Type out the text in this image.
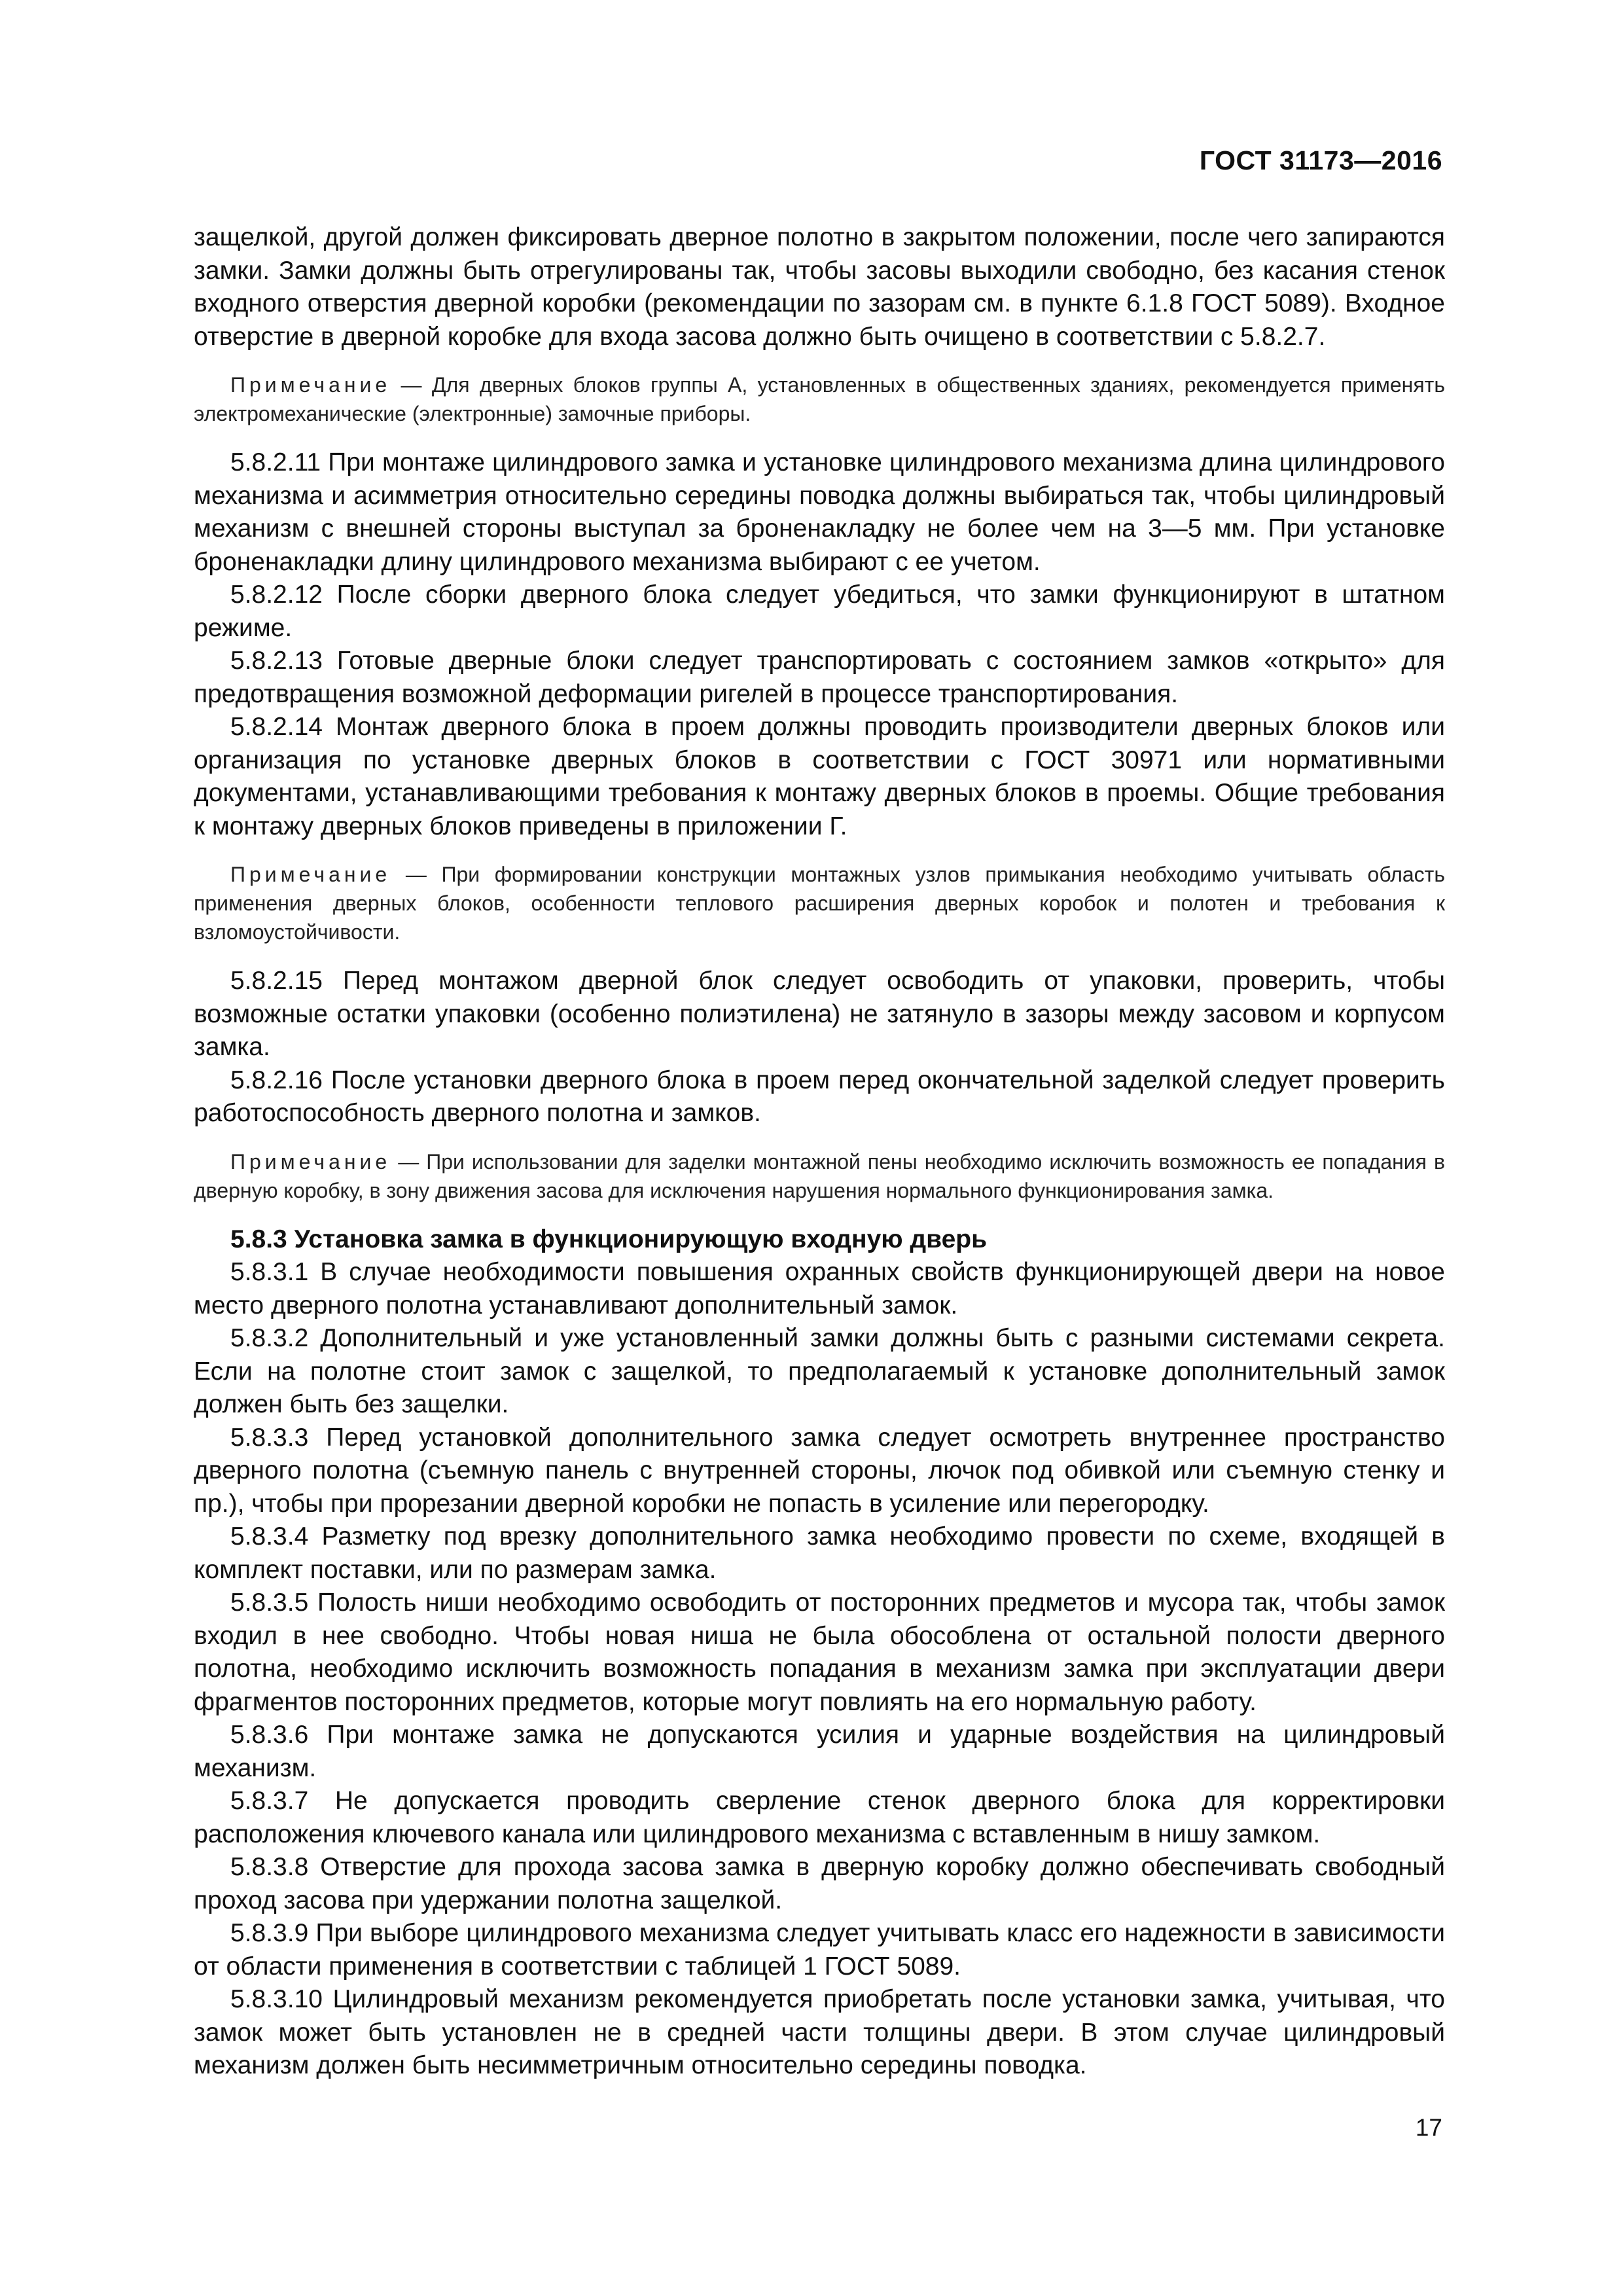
ГОСТ 31173—2016

защелкой, другой должен фиксировать дверное полотно в закрытом положении, после чего запираются замки. Замки должны быть отрегулированы так, чтобы засовы выходили свободно, без касания стенок входного отверстия дверной коробки (рекомендации по зазорам см. в пункте 6.1.8 ГОСТ 5089). Входное отверстие в дверной коробке для входа засова должно быть очищено в соответствии с 5.8.2.7.

Примечание — Для дверных блоков группы А, установленных в общественных зданиях, рекомендуется применять электромеханические (электронные) замочные приборы.

5.8.2.11 При монтаже цилиндрового замка и установке цилиндрового механизма длина цилиндрового механизма и асимметрия относительно середины поводка должны выбираться так, чтобы цилиндровый механизм с внешней стороны выступал за броненакладку не более чем на 3—5 мм. При установке броненакладки длину цилиндрового механизма выбирают с ее учетом.

5.8.2.12 После сборки дверного блока следует убедиться, что замки функционируют в штатном режиме.

5.8.2.13 Готовые дверные блоки следует транспортировать с состоянием замков «открыто» для предотвращения возможной деформации ригелей в процессе транспортирования.

5.8.2.14 Монтаж дверного блока в проем должны проводить производители дверных блоков или организация по установке дверных блоков в соответствии с ГОСТ 30971 или нормативными документами, устанавливающими требования к монтажу дверных блоков в проемы. Общие требования к монтажу дверных блоков приведены в приложении Г.

Примечание — При формировании конструкции монтажных узлов примыкания необходимо учитывать область применения дверных блоков, особенности теплового расширения дверных коробок и полотен и требования к взломоустойчивости.

5.8.2.15 Перед монтажом дверной блок следует освободить от упаковки, проверить, чтобы возможные остатки упаковки (особенно полиэтилена) не затянуло в зазоры между засовом и корпусом замка.

5.8.2.16 После установки дверного блока в проем перед окончательной заделкой следует проверить работоспособность дверного полотна и замков.

Примечание — При использовании для заделки монтажной пены необходимо исключить возможность ее попадания в дверную коробку, в зону движения засова для исключения нарушения нормального функционирования замка.

5.8.3 Установка замка в функционирующую входную дверь

5.8.3.1 В случае необходимости повышения охранных свойств функционирующей двери на новое место дверного полотна устанавливают дополнительный замок.

5.8.3.2 Дополнительный и уже установленный замки должны быть с разными системами секрета. Если на полотне стоит замок с защелкой, то предполагаемый к установке дополнительный замок должен быть без защелки.

5.8.3.3 Перед установкой дополнительного замка следует осмотреть внутреннее пространство дверного полотна (съемную панель с внутренней стороны, лючок под обивкой или съемную стенку и пр.), чтобы при прорезании дверной коробки не попасть в усиление или перегородку.

5.8.3.4 Разметку под врезку дополнительного замка необходимо провести по схеме, входящей в комплект поставки, или по размерам замка.

5.8.3.5 Полость ниши необходимо освободить от посторонних предметов и мусора так, чтобы замок входил в нее свободно. Чтобы новая ниша не была обособлена от остальной полости дверного полотна, необходимо исключить возможность попадания в механизм замка при эксплуатации двери фрагментов посторонних предметов, которые могут повлиять на его нормальную работу.

5.8.3.6 При монтаже замка не допускаются усилия и ударные воздействия на цилиндровый механизм.

5.8.3.7 Не допускается проводить сверление стенок дверного блока для корректировки расположения ключевого канала или цилиндрового механизма с вставленным в нишу замком.

5.8.3.8 Отверстие для прохода засова замка в дверную коробку должно обеспечивать свободный проход засова при удержании полотна защелкой.

5.8.3.9 При выборе цилиндрового механизма следует учитывать класс его надежности в зависимости от области применения в соответствии с таблицей 1 ГОСТ 5089.

5.8.3.10 Цилиндровый механизм рекомендуется приобретать после установки замка, учитывая, что замок может быть установлен не в средней части толщины двери. В этом случае цилиндровый механизм должен быть несимметричным относительно середины поводка.

17
